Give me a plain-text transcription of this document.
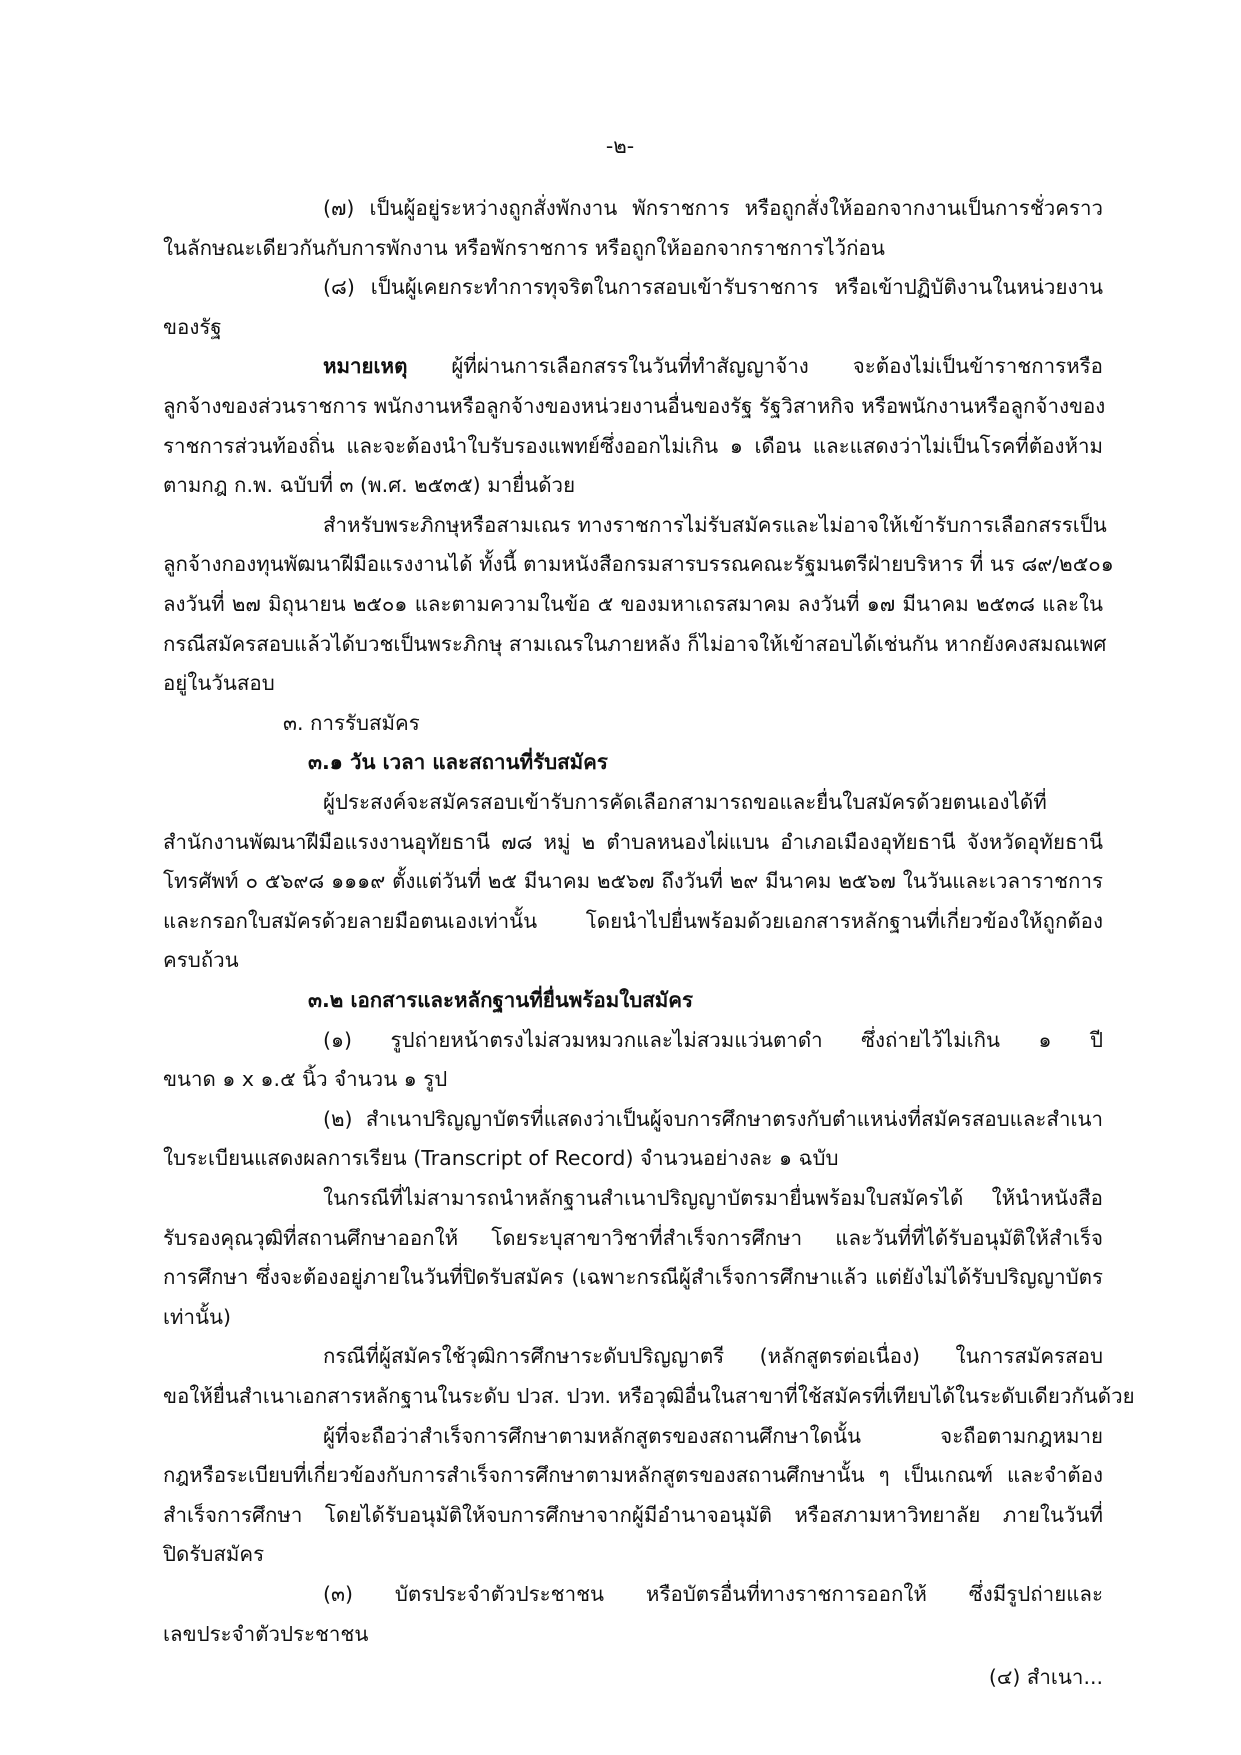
-๒-
(๗) เป็นผู้อยู่ระหว่างถูกสั่งพักงาน พักราชการ หรือถูกสั่งให้ออกจากงานเป็นการชั่วคราว
ในลักษณะเดียวกันกับการพักงาน หรือพักราชการ หรือถูกให้ออกจากราชการไว้ก่อน
(๘) เป็นผู้เคยกระทำการทุจริตในการสอบเข้ารับราชการ หรือเข้าปฏิบัติงานในหน่วยงาน
ของรัฐ
หมายเหตุ ผู้ที่ผ่านการเลือกสรรในวันที่ทำสัญญาจ้าง จะต้องไม่เป็นข้าราชการหรือ
ลูกจ้างของส่วนราชการ พนักงานหรือลูกจ้างของหน่วยงานอื่นของรัฐ รัฐวิสาหกิจ หรือพนักงานหรือลูกจ้างของ
ราชการส่วนท้องถิ่น และจะต้องนำใบรับรองแพทย์ซึ่งออกไม่เกิน ๑ เดือน และแสดงว่าไม่เป็นโรคที่ต้องห้าม
ตามกฎ ก.พ. ฉบับที่ ๓ (พ.ศ. ๒๕๓๕) มายื่นด้วย
สำหรับพระภิกษุหรือสามเณร ทางราชการไม่รับสมัครและไม่อาจให้เข้ารับการเลือกสรรเป็น
ลูกจ้างกองทุนพัฒนาฝีมือแรงงานได้ ทั้งนี้ ตามหนังสือกรมสารบรรณคณะรัฐมนตรีฝ่ายบริหาร ที่ นร ๘๙/๒๕๐๑
ลงวันที่ ๒๗ มิถุนายน ๒๕๐๑ และตามความในข้อ ๕ ของมหาเถรสมาคม ลงวันที่ ๑๗ มีนาคม ๒๕๓๘ และใน
กรณีสมัครสอบแล้วได้บวชเป็นพระภิกษุ สามเณรในภายหลัง ก็ไม่อาจให้เข้าสอบได้เช่นกัน หากยังคงสมณเพศ
อยู่ในวันสอบ
๓. การรับสมัคร
๓.๑ วัน เวลา และสถานที่รับสมัคร
ผู้ประสงค์จะสมัครสอบเข้ารับการคัดเลือกสามารถขอและยื่นใบสมัครด้วยตนเองได้ที่
สำนักงานพัฒนาฝีมือแรงงานอุทัยธานี ๗๘ หมู่ ๒ ตำบลหนองไผ่แบน อำเภอเมืองอุทัยธานี จังหวัดอุทัยธานี
โทรศัพท์ ๐ ๕๖๙๘ ๑๑๑๙ ตั้งแต่วันที่ ๒๕ มีนาคม ๒๕๖๗ ถึงวันที่ ๒๙ มีนาคม ๒๕๖๗ ในวันและเวลาราชการ
และกรอกใบสมัครด้วยลายมือตนเองเท่านั้น โดยนำไปยื่นพร้อมด้วยเอกสารหลักฐานที่เกี่ยวข้องให้ถูกต้อง
ครบถ้วน
๓.๒ เอกสารและหลักฐานที่ยื่นพร้อมใบสมัคร
(๑) รูปถ่ายหน้าตรงไม่สวมหมวกและไม่สวมแว่นตาดำ ซึ่งถ่ายไว้ไม่เกิน ๑ ปี
ขนาด ๑ x ๑.๕ นิ้ว จำนวน ๑ รูป
(๒) สำเนาปริญญาบัตรที่แสดงว่าเป็นผู้จบการศึกษาตรงกับตำแหน่งที่สมัครสอบและสำเนา
ใบระเบียนแสดงผลการเรียน (Transcript of Record) จำนวนอย่างละ ๑ ฉบับ
ในกรณีที่ไม่สามารถนำหลักฐานสำเนาปริญญาบัตรมายื่นพร้อมใบสมัครได้ ให้นำหนังสือ
รับรองคุณวุฒิที่สถานศึกษาออกให้ โดยระบุสาขาวิชาที่สำเร็จการศึกษา และวันที่ที่ได้รับอนุมัติให้สำเร็จ
การศึกษา ซึ่งจะต้องอยู่ภายในวันที่ปิดรับสมัคร (เฉพาะกรณีผู้สำเร็จการศึกษาแล้ว แต่ยังไม่ได้รับปริญญาบัตร
เท่านั้น)
กรณีที่ผู้สมัครใช้วุฒิการศึกษาระดับปริญญาตรี (หลักสูตรต่อเนื่อง) ในการสมัครสอบ
ขอให้ยื่นสำเนาเอกสารหลักฐานในระดับ ปวส. ปวท. หรือวุฒิอื่นในสาขาที่ใช้สมัครที่เทียบได้ในระดับเดียวกันด้วย
ผู้ที่จะถือว่าสำเร็จการศึกษาตามหลักสูตรของสถานศึกษาใดนั้น จะถือตามกฎหมาย
กฎหรือระเบียบที่เกี่ยวข้องกับการสำเร็จการศึกษาตามหลักสูตรของสถานศึกษานั้น ๆ เป็นเกณฑ์ และจำต้อง
สำเร็จการศึกษา โดยได้รับอนุมัติให้จบการศึกษาจากผู้มีอำนาจอนุมัติ หรือสภามหาวิทยาลัย ภายในวันที่
ปิดรับสมัคร
(๓) บัตรประจำตัวประชาชน หรือบัตรอื่นที่ทางราชการออกให้ ซึ่งมีรูปถ่ายและ
เลขประจำตัวประชาชน
(๔) สำเนา...
